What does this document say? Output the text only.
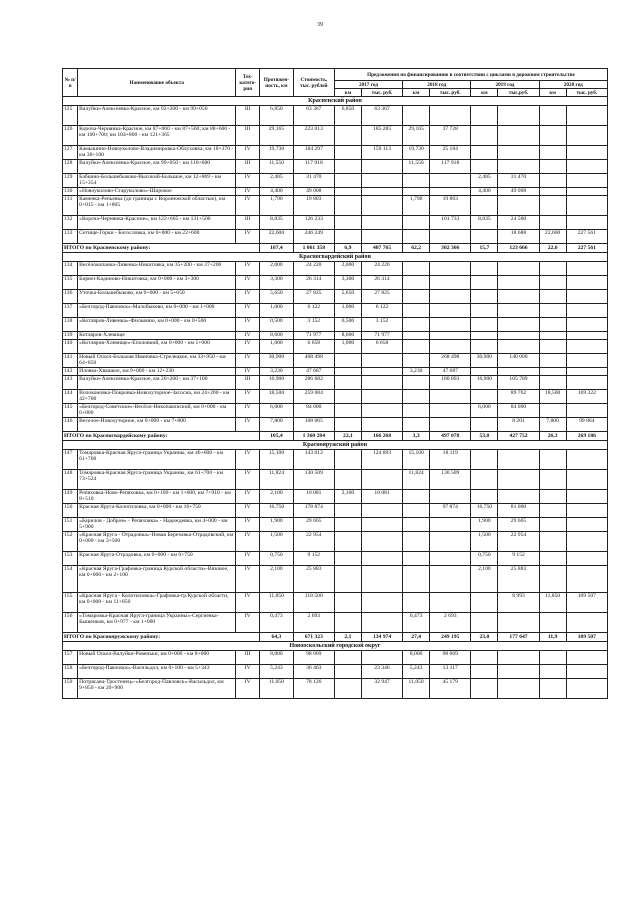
39
№ п/п	Наименование объекта	Тех-катего-рия	Протяжен-ность, км	Стоимость, тыс. рублей	Предложения по финансированию в соответствии с циклами в дорожном строительстве							
					2017 год		2018 год		2019 год		2020 год	
					км	тыс. руб.	км	тыс. руб.	км	тыс.руб.	км	тыс. руб.
Красненский район												
125	Валуйки-Алексеевка-Красное, км 92+200 - км 99+050	III	6,850	63 367	6,850	63 367						
126	Короча-Чернянка-Красное, км 87+060 - км 87+560; км 88+600 - км 100+700; км 104+800 - км 121+365	III	29,165	223 013		185 285	29,165	37 728				
127	Камышино-Новоуколово-Владимировка-Облуховка, км 18+370 - км 38+100	IV	19,730	184 297		159 113	19,730	25 184				
128	Валуйки-Алексеевка-Красное, км 99+050 - км 110+600	III	11,550	117 918			11,550	117 918				
129	Бабкино-Большебыково-Высокий-Большое, км 12+869 - км 15+354	IV	2,485	31 470					2,485	31 470		
130	«Новоуколово-Старуколово»-Широкое	IV	4,400	49 008					4,400	49 008		
131	Каменка-Репьевка (до границы с Воронежской областью), км 0+015 - км 1+805	IV	1,790	19 803			1,790	19 803				
132	«Короча-Чернянка-Красное», км 122+665 - км 131+500	III	8,835	126 233				101 733	8,835	24 500		
133	Сетище-Горки - Богословка, км 0+000 - км 22+600	IV	22,600	246 249						18 688	22,600	227 561
ИТОГО по Красненскому району:			107,4	1 061 358	6,9	407 765	62,2	302 366	15,7	123 666	22,6	227 561
Красногвардейский район												
134	Весёлокопанка-Ливенка-Никитовка, км 35+200 - км 37+200	IV	2,000	24 220	2,000	24 220						
135	Бирюч-Кадиново-Никитовка, км 0+000 - км 3+300	IV	3,300	26 314	3,300	26 314						
136	Уточка-Большебыково, км 0+000 - км 5+650	IV	5,650	27 825	5,650	27 825						
137	«Белгород-Павловск»-Малобыково, км 0+000 - км 1+000	IV	1,000	6 122	1,000	6 122						
138	«Котляров-Ливенка»-Фильвино, км 0+000 - км 0+500	IV	0,500	3 152	0,500	3 152						
139	Котляров-Хлевище	IV	8,600	71 977	8,600	71 977						
140	«Котляров-Хлевище»-Еполовкий, км 0+000 - км 1+000	IV	1,000	6 658	1,000	6 658						
141	Новый Оскол-Большая Ивановка-Стрелецкое, км 33+950 - км 64+850	IV	30,900	408 498				268 498	30,900	140 000		
142	Иловка-Хвашкое, км 9+000 - км 12+230	IV	3,230	47 687			3,230	47 687				
143	Валуйки-Алексеевка-Красное, км 20+200 - км 37+100	III	16,900	286 682				180 893	16,900	105 789		
144	Волоконовка-Покровка-Новохуторное-Засосна, км 24+200 - км 42+700	IV	18,500	259 084						89 762	18,500	169 322
145	«Белгород-Советское»-Весёло-Никопавлиский, км 0+000 - км 6+000	IV	6,000	84 000					6,000	84 000		
146	Веселое-Новохуторное, км 0+000 - км 7+800	IV	7,800	108 065						8 201	7,800	99 864
ИТОГО по Красногвардейскому району:			105,4	1 360 284	22,1	166 268	3,3	497 078	53,8	427 752	26,3	269 186
Краснояружский район												
147	Томаровка-Красная Яруга-граница Украины, км 46+600 - км 61+700	IV	15,100	143 012		124 893	15,100	18 119				
148	Томаровка-Красная Яруга-граница Украины, км 61+700 - км 73+524	IV	11,824	130 509			11,824	130 509				
149	Репяховка-Ново-Репяховка, км 0+100 - км 1+600, км 7+910 - км 8+510	IV	2,100	10 081	2,100	10 081						
150	Красная Яруга-Колотиловка, км 0+000 - км 16+750	IV	16,750	178 874				97 874	16,750	81 000		
151	«Барилов - Доброе» - Репяховка» - Надеждевка, км 4+000 - км 5+900	IV	1,900	29 665					1,900	29 665		
152	«Красная Яруга - Отрадовка»-Новая Березовка-Отрадовский, км 0+000 - км 3+500	IV	1,500	22 954					1,500	22 954		
153	Красная Яруга-Отрадовка, км 0+000 - км 0+750	IV	0,750	9 152					0,750	9 152		
154	«Красная Яруга-Графовка-граница Курской области»-Вязовое, км 0+000 - км 2+100	IV	2,100	25 883					2,100	25 883		
155	«Красная Яруга - Колотиловка»-Графовка-гр.Курской области, км 0+000 - км 11+850	IV	11,850	118 500						8 993	11,850	109 507
156	«Томаровка-Красная Яруга-граница Украины»-Сергиевка-Бышенков, км 0+977 - км 1+000	IV	0,473	2 693			0,473	2 693				
ИТОГО по Краснояружскому району:			64,3	671 323	2,1	134 974	27,4	249 195	23,0	177 647	11,9	109 507
Новооскольский городской округ												
157	Новый Оскол-Валуйки-Ровеньки, км 0+000 - км 8+000	III	8,000	98 069			8,000	98 069				
158	«Белгород-Павловск»-Васильдол, км 0+100 - км 5+343	IV	5,243	36 463		23 346	5,243	13 117				
159	Потрясаец-Тростенец»-«Белгород-Павловск»-Васильдол, км 9+850 - км 20+900	IV	11,050	78 126		32 947	11,050	45 179				
